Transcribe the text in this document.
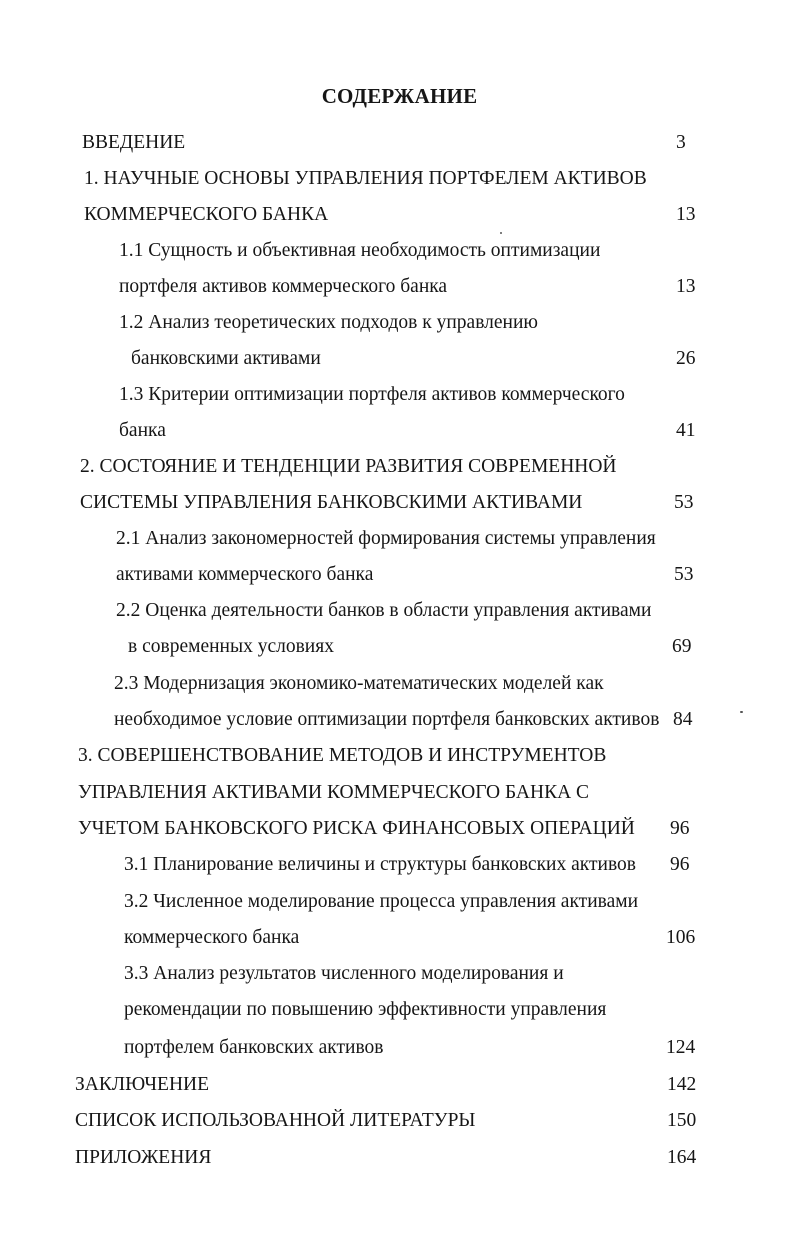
СОДЕРЖАНИЕ
ВВЕДЕНИЕ	3
1. НАУЧНЫЕ ОСНОВЫ УПРАВЛЕНИЯ ПОРТФЕЛЕМ АКТИВОВ
КОММЕРЧЕСКОГО БАНКА	13
1.1 Сущность и объективная необходимость оптимизации
портфеля активов коммерческого банка	13
1.2 Анализ теоретических подходов к управлению
банковскими активами	26
1.3 Критерии оптимизации портфеля активов коммерческого
банка	41
2. СОСТОЯНИЕ И ТЕНДЕНЦИИ РАЗВИТИЯ СОВРЕМЕННОЙ
СИСТЕМЫ УПРАВЛЕНИЯ БАНКОВСКИМИ АКТИВАМИ	53
2.1 Анализ закономерностей формирования системы управления
активами коммерческого банка	53
2.2 Оценка деятельности банков в области управления активами
в современных условиях	69
2.3 Модернизация экономико-математических моделей как
необходимое условие оптимизации портфеля банковских активов 84
3. СОВЕРШЕНСТВОВАНИЕ МЕТОДОВ И ИНСТРУМЕНТОВ
УПРАВЛЕНИЯ АКТИВАМИ КОММЕРЧЕСКОГО БАНКА С
УЧЕТОМ БАНКОВСКОГО РИСКА ФИНАНСОВЫХ ОПЕРАЦИЙ 96
3.1 Планирование величины и структуры банковских активов 96
3.2 Численное моделирование процесса управления активами
коммерческого банка	106
3.3 Анализ результатов численного моделирования и
рекомендации по повышению эффективности управления
портфелем банковских активов	124
ЗАКЛЮЧЕНИЕ	142
СПИСОК ИСПОЛЬЗОВАННОЙ ЛИТЕРАТУРЫ	150
ПРИЛОЖЕНИЯ	164
